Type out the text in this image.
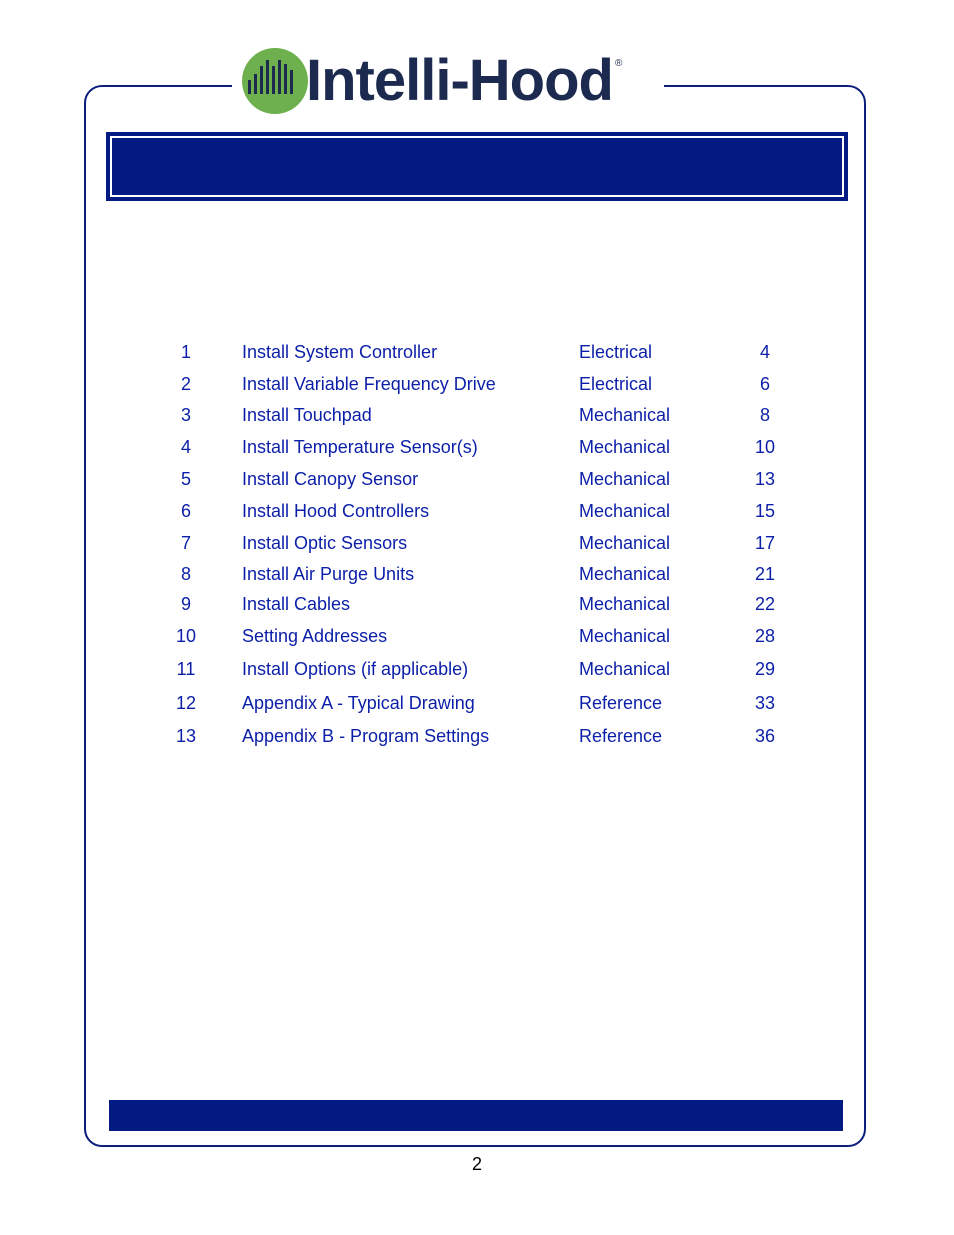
Intelli-Hood ®
1	Install System Controller	Electrical	4
2	Install Variable Frequency Drive	Electrical	6
3	Install Touchpad	Mechanical	8
4	Install Temperature Sensor(s)	Mechanical	10
5	Install Canopy Sensor	Mechanical	13
6	Install Hood Controllers	Mechanical	15
7	Install Optic Sensors	Mechanical	17
8	Install Air Purge Units	Mechanical	21
9	Install Cables	Mechanical	22
10	Setting Addresses	Mechanical	28
11	Install Options (if applicable)	Mechanical	29
12	Appendix A - Typical Drawing	Reference	33
13	Appendix B - Program Settings	Reference	36
2
